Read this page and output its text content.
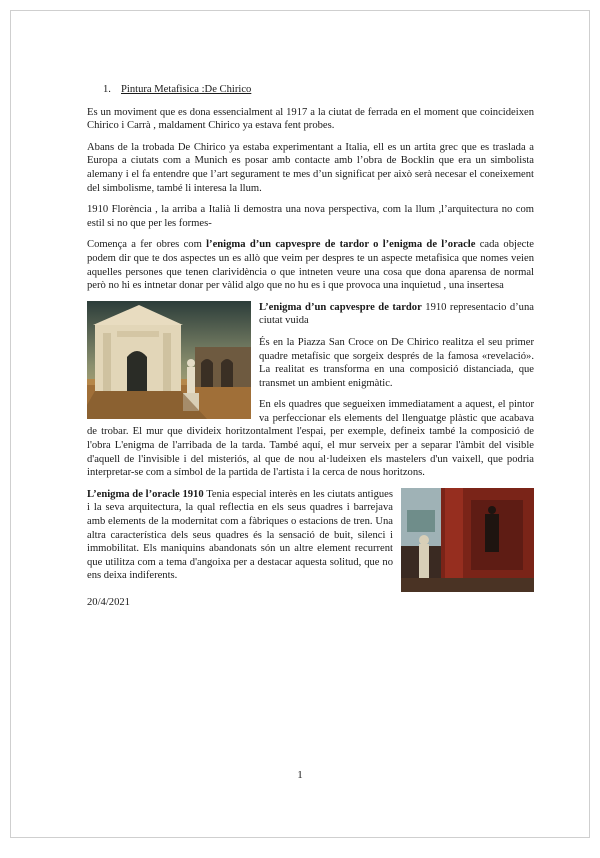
1. Pintura Metafisica :De Chirico

Es un moviment que es dona essencialment al 1917 a la ciutat de ferrada en el moment que coincideixen Chirico i Carrà , maldament Chirico ya estava fent probes.

Abans de la trobada De Chirico ya estaba experimentant a Italia, ell es un artita grec que es traslada a Europa a ciutats com a Munich es posar amb contacte amb l’obra de Bocklin que era un simbolista alemany i el fa entendre que l’art segurament te mes d’un significat per això serà necesar el coneixement del simbolisme, també li interesa la llum.

1910 Florència , la arriba a Italià li demostra una nova perspectiva, com la llum ,l’arquitectura no com estil si no que per les formes-

Comença a fer obres com l’enigma d’un capvespre de tardor o l’enigma de l’oracle cada objecte podem dir que te dos aspectes un es allò que veim per despres te un aspecte metafisica que nomes veien aquelles persones que tenen clarividència o que intneten veure una cosa que dona aparensa de normal però no hi es intnetar donar per vàlid algo que no hu es i que provoca una inquietud , una insertesa

L’enigma d’un capvespre de tardor 1910 representacio d’una ciutat vuida

És en la Piazza San Croce on De Chirico realitza el seu primer quadre metafísic que sorgeix després de la famosa «revelació». La realitat es transforma en una composició distanciada, que transmet un ambient enigmàtic.

En els quadres que segueixen immediatament a aquest, el pintor va perfeccionar els elements del llenguatge plàstic que acabava de trobar. El mur que divideix horitzontalment l'espai, per exemple, defineix també la composició de l'obra L'enigma de l'arribada de la tarda. També aquí, el mur serveix per a separar l'àmbit del visible d'aquell de l'invisible i del misteriós, al que de nou al·ludeixen els mastelers d'un vaixell, que podria interpretar-se com a símbol de la partida de l'artista i la cerca de nous horitzons.

L’enigma de l’oracle 1910 Tenia especial interès en les ciutats antigues i la seva arquitectura, la qual reflectia en els seus quadres i barrejava amb elements de la modernitat com a fàbriques o estacions de tren. Una altra característica dels seus quadres és la sensació de buit, silenci i immobilitat. Els maniquins abandonats són un altre element recurrent que utilitza com a tema d'angoixa per a destacar aquesta solitud, que no ens deixa indiferents.

20/4/2021

1
